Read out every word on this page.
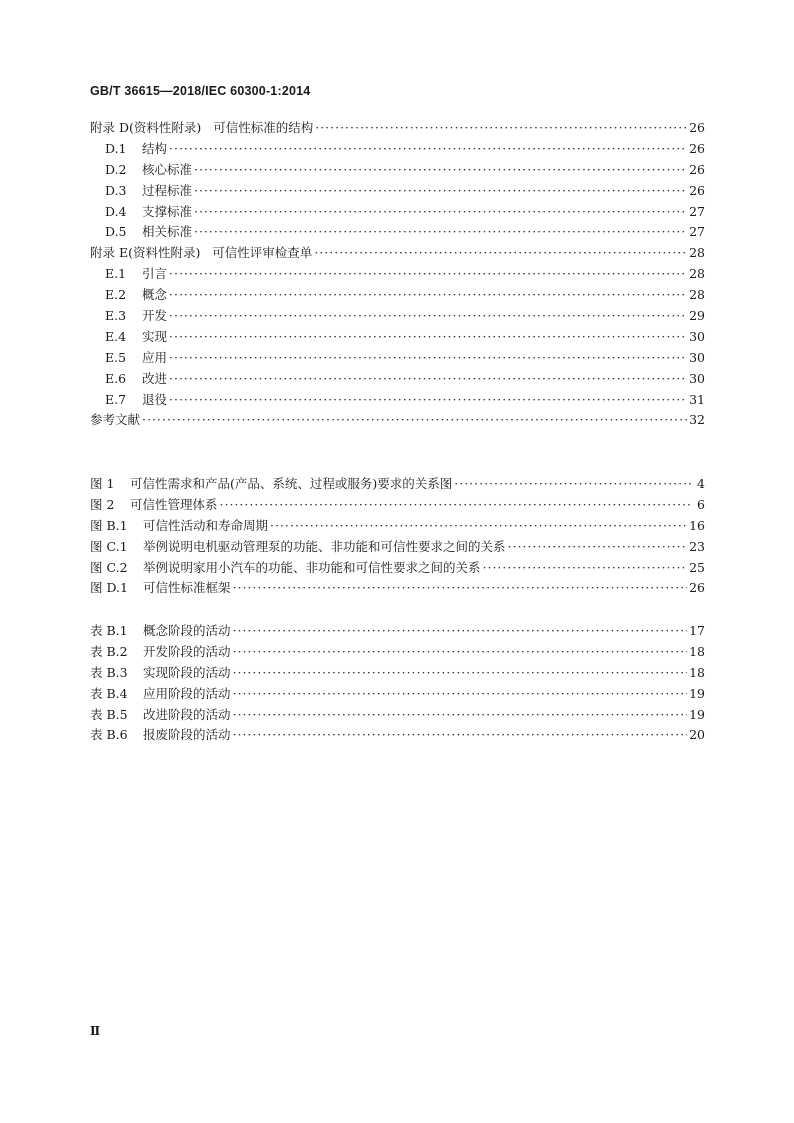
GB/T 36615—2018/IEC 60300-1:2014
附录 D(资料性附录) 可信性标准的结构 ·····	26
D.1 结构 ·····	26
D.2 核心标准 ·····	26
D.3 过程标准 ·····	26
D.4 支撑标准 ·····	27
D.5 相关标准 ·····	27
附录 E(资料性附录) 可信性评审检查单 ·····	28
E.1 引言 ·····	28
E.2 概念 ·····	28
E.3 开发 ·····	29
E.4 实现 ·····	30
E.5 应用 ·····	30
E.6 改进 ·····	30
E.7 退役 ·····	31
参考文献 ·····	32
图 1 可信性需求和产品(产品、系统、过程或服务)要求的关系图 ·····	4
图 2 可信性管理体系 ·····	6
图 B.1 可信性活动和寿命周期 ·····	16
图 C.1 举例说明电机驱动管理泵的功能、非功能和可信性要求之间的关系 ·····	23
图 C.2 举例说明家用小汽车的功能、非功能和可信性要求之间的关系 ·····	25
图 D.1 可信性标准框架 ·····	26
表 B.1 概念阶段的活动 ·····	17
表 B.2 开发阶段的活动 ·····	18
表 B.3 实现阶段的活动 ·····	18
表 B.4 应用阶段的活动 ·····	19
表 B.5 改进阶段的活动 ·····	19
表 B.6 报废阶段的活动 ·····	20
Ⅱ
